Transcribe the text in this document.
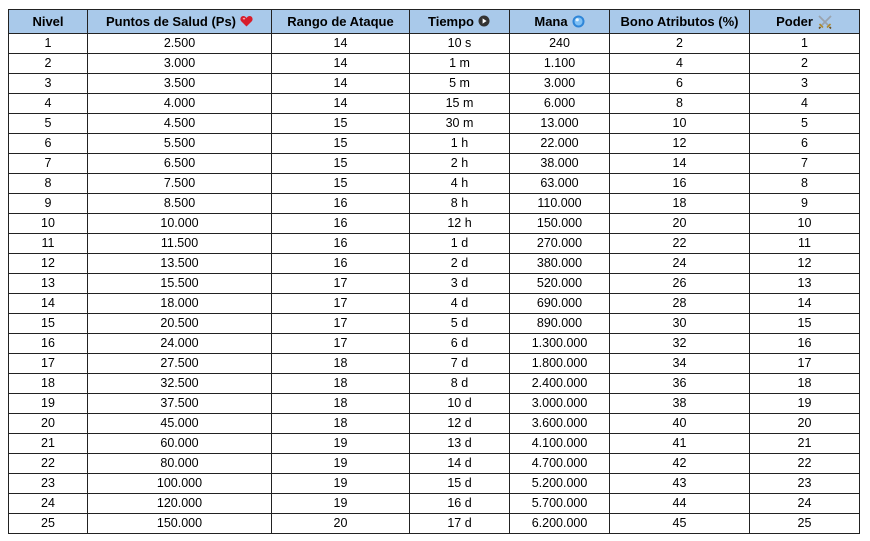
Nivel	Puntos de Salud (Ps)	Rango de Ataque	Tiempo	Mana	Bono Atributos (%)	Poder

1	2.500	14	10 s	240	2	1
2	3.000	14	1 m	1.100	4	2
3	3.500	14	5 m	3.000	6	3
4	4.000	14	15 m	6.000	8	4
5	4.500	15	30 m	13.000	10	5
6	5.500	15	1 h	22.000	12	6
7	6.500	15	2 h	38.000	14	7
8	7.500	15	4 h	63.000	16	8
9	8.500	16	8 h	110.000	18	9
10	10.000	16	12 h	150.000	20	10
11	11.500	16	1 d	270.000	22	11
12	13.500	16	2 d	380.000	24	12
13	15.500	17	3 d	520.000	26	13
14	18.000	17	4 d	690.000	28	14
15	20.500	17	5 d	890.000	30	15
16	24.000	17	6 d	1.300.000	32	16
17	27.500	18	7 d	1.800.000	34	17
18	32.500	18	8 d	2.400.000	36	18
19	37.500	18	10 d	3.000.000	38	19
20	45.000	18	12 d	3.600.000	40	20
21	60.000	19	13 d	4.100.000	41	21
22	80.000	19	14 d	4.700.000	42	22
23	100.000	19	15 d	5.200.000	43	23
24	120.000	19	16 d	5.700.000	44	24
25	150.000	20	17 d	6.200.000	45	25
